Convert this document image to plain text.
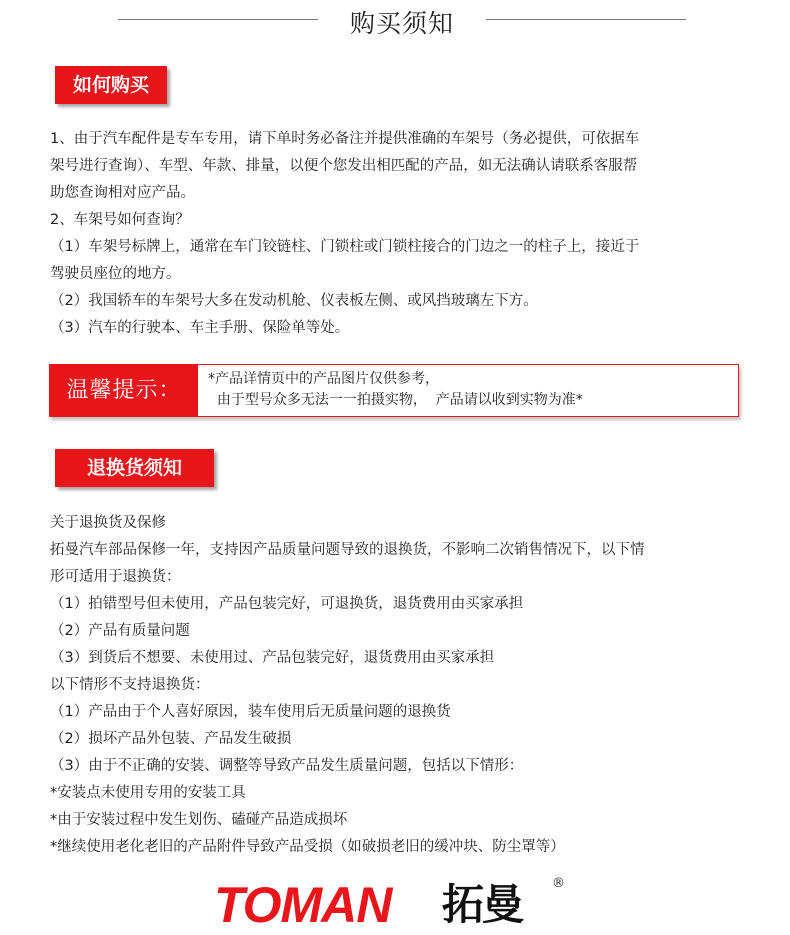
购买须知
如何购买

1、由于汽车配件是专车专用，请下单时务必备注并提供准确的车架号（务必提供，可依据车

架号进行查询）、车型、年款、排量，以便个您发出相匹配的产品，如无法确认请联系客服帮

助您查询相对应产品。

2、车架号如何查询？

（1）车架号标牌上，通常在车门铰链柱、门锁柱或门锁柱接合的门边之一的柱子上，接近于

驾驶员座位的地方。

（2）我国轿车的车架号大多在发动机舱、仪表板左侧、或风挡玻璃左下方。

（3）汽车的行驶本、车主手册、保险单等处。

温馨提示：	*产品详情页中的产品图片仅供参考，

由于型号众多无法一一拍摄实物，  产品请以收到实物为准*

退换货须知

关于退换货及保修

拓曼汽车部品保修一年，支持因产品质量问题导致的退换货，不影响二次销售情况下，以下情

形可适用于退换货：

（1）拍错型号但未使用，产品包装完好，可退换货，退货费用由买家承担

（2）产品有质量问题

（3）到货后不想要、未使用过、产品包装完好，退货费用由买家承担

以下情形不支持退换货：

（1）产品由于个人喜好原因，装车使用后无质量问题的退换货

（2）损坏产品外包装、产品发生破损

（3）由于不正确的安装、调整等导致产品发生质量问题，包括以下情形：

*安装点未使用专用的安装工具

*由于安装过程中发生划伤、磕碰产品造成损坏

*继续使用老化老旧的产品附件导致产品受损（如破损老旧的缓冲块、防尘罩等）

TOMAN 拓曼 ®
